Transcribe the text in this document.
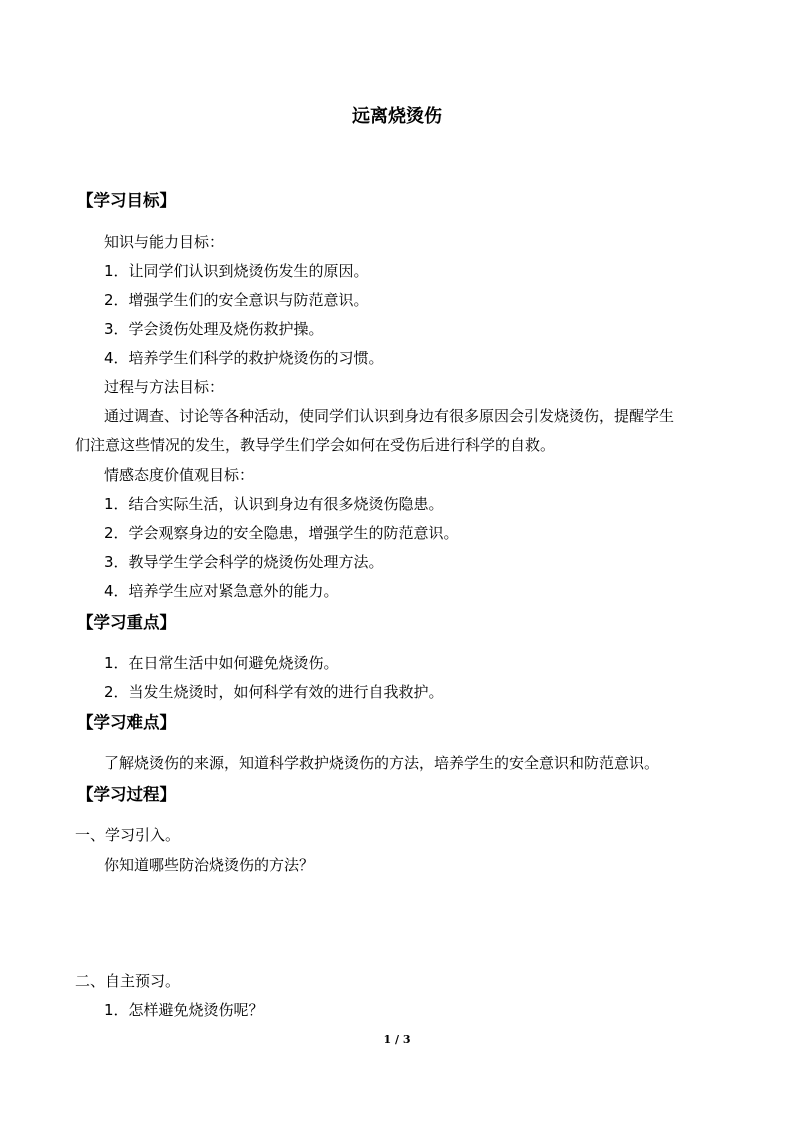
远离烧烫伤
【学习目标】
知识与能力目标：
1．让同学们认识到烧烫伤发生的原因。
2．增强学生们的安全意识与防范意识。
3．学会烫伤处理及烧伤救护操。
4．培养学生们科学的救护烧烫伤的习惯。
过程与方法目标：
通过调查、讨论等各种活动，使同学们认识到身边有很多原因会引发烧烫伤，提醒学生
们注意这些情况的发生，教导学生们学会如何在受伤后进行科学的自救。
情感态度价值观目标：
1．结合实际生活，认识到身边有很多烧烫伤隐患。
2．学会观察身边的安全隐患，增强学生的防范意识。
3．教导学生学会科学的烧烫伤处理方法。
4．培养学生应对紧急意外的能力。
【学习重点】
1．在日常生活中如何避免烧烫伤。
2．当发生烧烫时，如何科学有效的进行自我救护。
【学习难点】
了解烧烫伤的来源，知道科学救护烧烫伤的方法，培养学生的安全意识和防范意识。
【学习过程】
一、学习引入。
你知道哪些防治烧烫伤的方法？
二、自主预习。
1．怎样避免烧烫伤呢？
1 / 3
